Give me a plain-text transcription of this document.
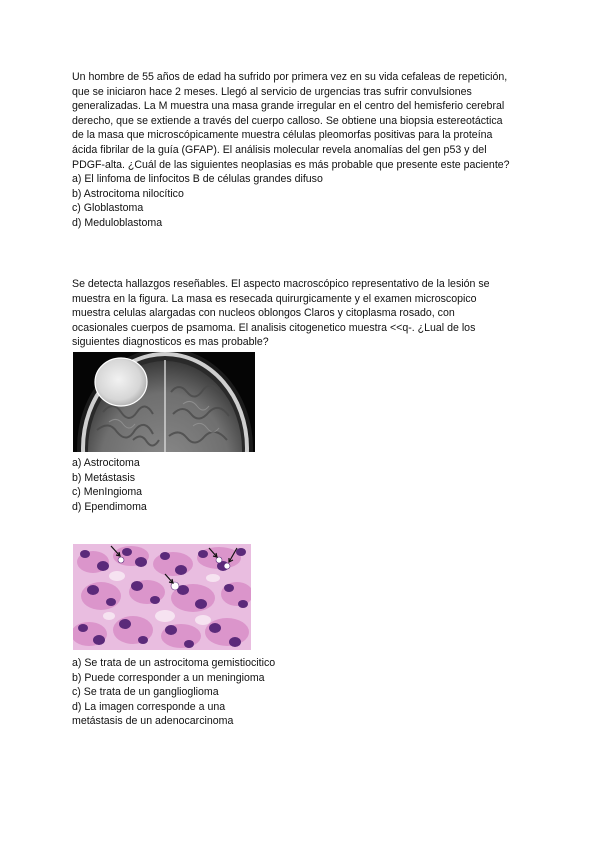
Un hombre de 55 años de edad ha sufrido por primera vez en su vida cefaleas de repetición, que se iniciaron hace 2 meses. Llegó al servicio de urgencias tras sufrir convulsiones generalizadas. La M muestra una masa grande irregular en el centro del hemisferio cerebral derecho, que se extiende a través del cuerpo calloso. Se obtiene una biopsia estereotáctica de la masa que microscópicamente muestra células pleomorfas positivas para la proteína ácida fibrilar de la guía (GFAP). El análisis molecular revela anomalías del gen p53 y del PDGF-alta. ¿Cuál de las siguientes neoplasias es más probable que presente este paciente?

a) El linfoma de linfocitos B de células grandes difuso
b) Astrocitoma nilocítico
c) Globlastoma
d) Meduloblastoma

Se detecta hallazgos reseñables. El aspecto macroscópico representativo de la lesión se muestra en la figura. La masa es resecada quirurgicamente y el examen microscopico muestra celulas alargadas con nucleos oblongos Claros y citoplasma rosado, con ocasionales cuerpos de psamoma. El analisis citogenetico muestra <<q-. ¿Lual de los siguientes diagnosticos es mas probable?

a) Astrocitoma
b) Metástasis
c) MenIngioma
d) Ependimoma
a) Se trata de un astrocitoma gemistiocitico
b) Puede corresponder a un meningioma
c) Se trata de un ganglioglioma
d) La imagen corresponde a una
metástasis de un adenocarcinoma
